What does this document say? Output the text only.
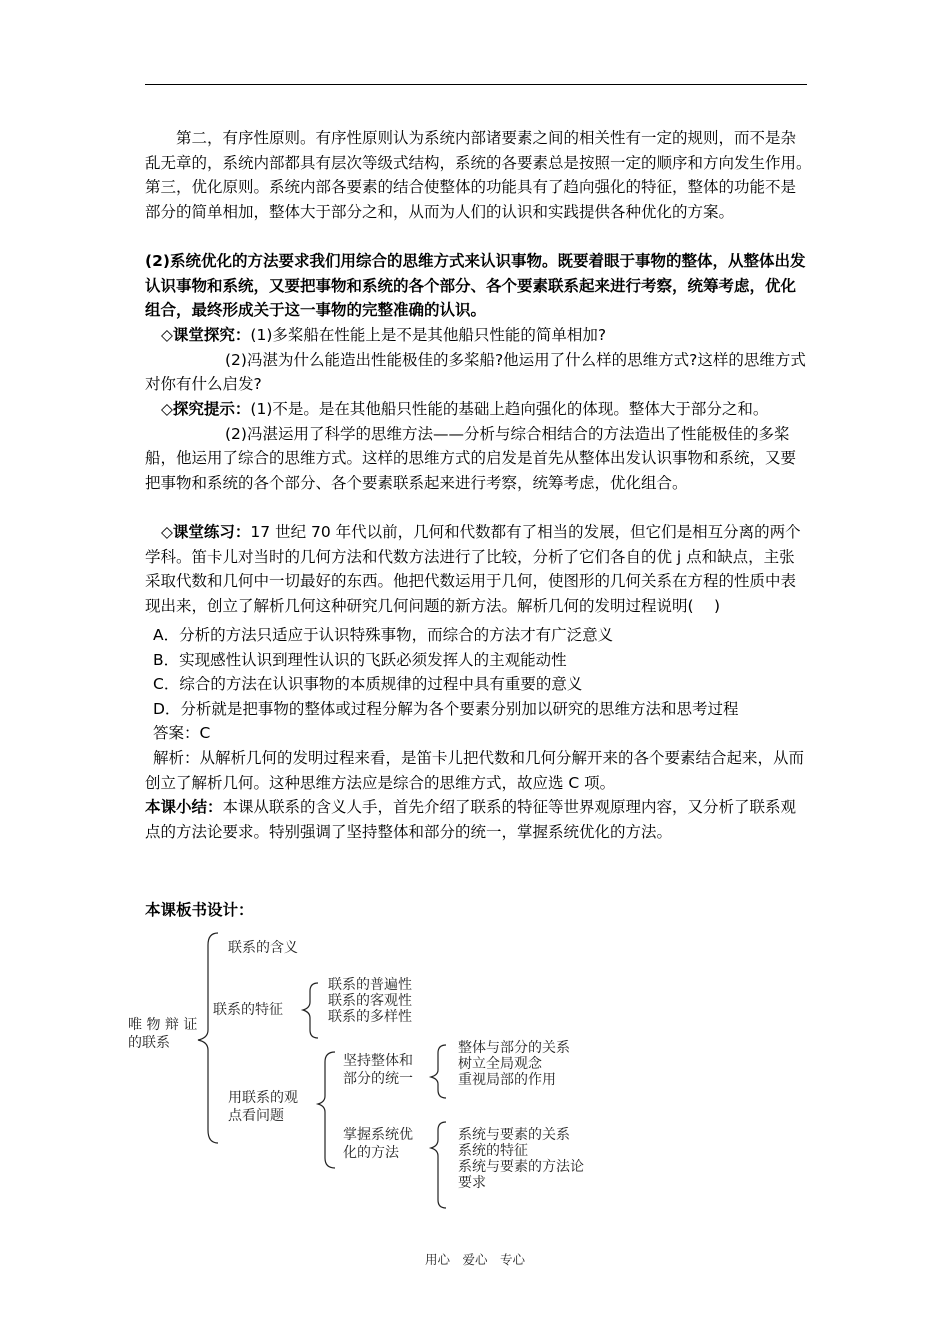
　　第二，有序性原则。有序性原则认为系统内部诸要素之间的相关性有一定的规则，而不是杂乱无章的，系统内部都具有层次等级式结构，系统的各要素总是按照一定的顺序和方向发生作用。　第三，优化原则。系统内部各要素的结合使整体的功能具有了趋向强化的特征，整体的功能不是部分的简单相加，整体大于部分之和，从而为人们的认识和实践提供各种优化的方案。

(2)系统优化的方法要求我们用综合的思维方式来认识事物。既要着眼于事物的整体，从整体出发认识事物和系统，又要把事物和系统的各个部分、各个要素联系起来进行考察，统筹考虑，优化组合，最终形成关于这一事物的完整准确的认识。

◇课堂探究：(1)多桨船在性能上是不是其他船只性能的简单相加?
(2)冯湛为什么能造出性能极佳的多桨船?他运用了什么样的思维方式?这样的思维方式对你有什么启发?
◇探究提示：(1)不是。是在其他船只性能的基础上趋向强化的体现。整体大于部分之和。
(2)冯湛运用了科学的思维方法——分析与综合相结合的方法造出了性能极佳的多桨船，他运用了综合的思维方式。这样的思维方式的启发是首先从整体出发认识事物和系统，又要把事物和系统的各个部分、各个要素联系起来进行考察，统筹考虑，优化组合。
◇课堂练习：17 世纪 70 年代以前，几何和代数都有了相当的发展，但它们是相互分离的两个学科。笛卡儿对当时的几何方法和代数方法进行了比较，分析了它们各自的优 j 点和缺点，主张采取代数和几何中一切最好的东西。他把代数运用于几何，使图形的几何关系在方程的性质中表现出来，创立了解析几何这种研究几何问题的新方法。解析几何的发明过程说明(　 )
A．分析的方法只适应于认识特殊事物，而综合的方法才有广泛意义
B．实现感性认识到理性认识的飞跃必须发挥人的主观能动性
C．综合的方法在认识事物的本质规律的过程中具有重要的意义
D．分析就是把事物的整体或过程分解为各个要素分别加以研究的思维方法和思考过程
答案：C
解析：从解析几何的发明过程来看，是笛卡儿把代数和几何分解开来的各个要素结合起来，从而创立了解析几何。这种思维方法应是综合的思维方式，故应选 C 项。
本课小结：本课从联系的含义人手，首先介绍了联系的特征等世界观原理内容，又分析了联系观点的方法论要求。特别强调了坚持整体和部分的统一，掌握系统优化的方法。
本课板书设计：
唯 物 辩 证
的联系
联系的含义
联系的特征
联系的普遍性
联系的客观性
联系的多样性
用联系的观
点看问题
坚持整体和
部分的统一
整体与部分的关系
树立全局观念
重视局部的作用
掌握系统优
化的方法
系统与要素的关系
系统的特征
系统与要素的方法论
要求
用心　爱心　专心
